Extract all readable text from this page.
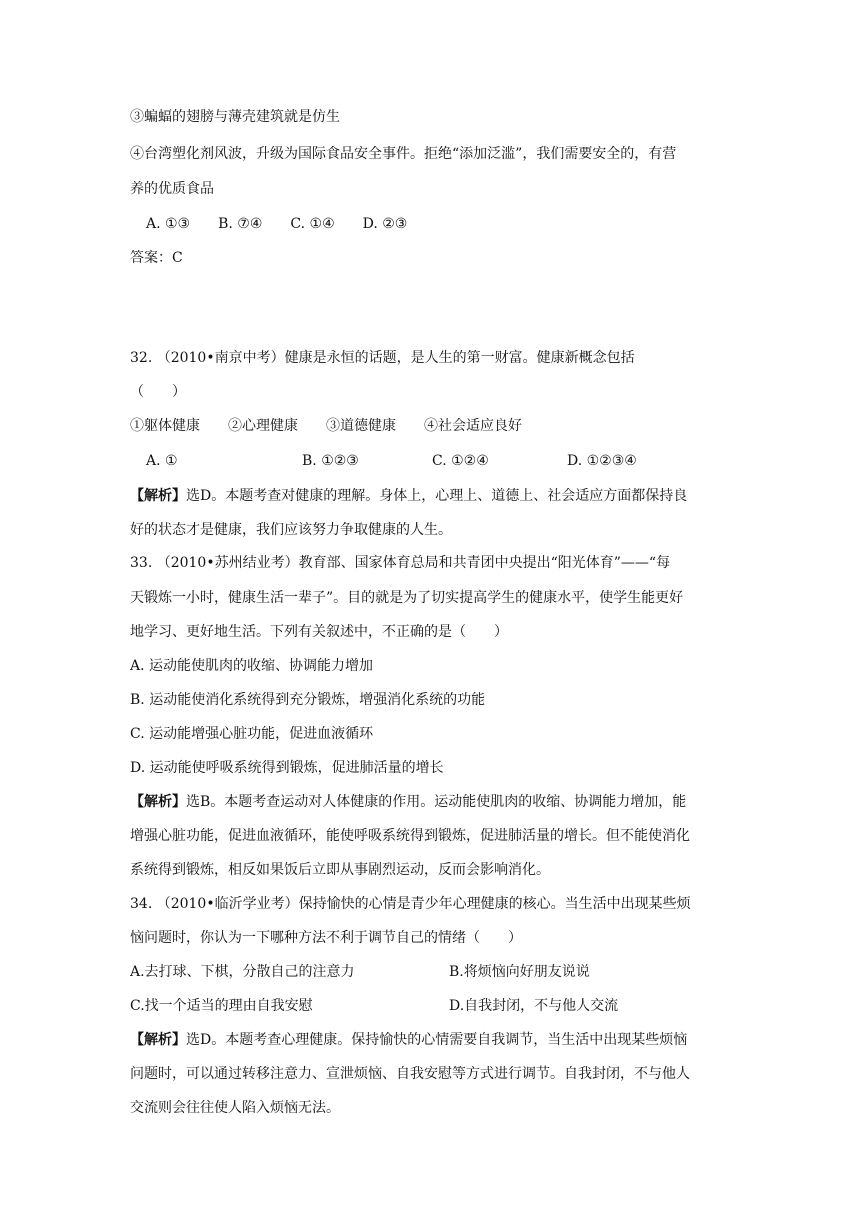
③蝙蝠的翅膀与薄壳建筑就是仿生
④台湾塑化剂风波，升级为国际食品安全事件。拒绝“添加泛滥”，我们需要安全的，有营
养的优质食品
A. ①③　　B. ⑦④　　C. ①④　　D. ②③
答案：C
32. （2010•南京中考）健康是永恒的话题，是人生的第一财富。健康新概念包括
（　　）
①躯体健康　　②心理健康　　③道德健康　　④社会适应良好
A. ①	B. ①②③	C. ①②④	D. ①②③④
【解析】选D。本题考查对健康的理解。身体上，心理上、道德上、社会适应方面都保持良
好的状态才是健康，我们应该努力争取健康的人生。
33. （2010•苏州结业考）教育部、国家体育总局和共青团中央提出“阳光体育”——“每
天锻炼一小时，健康生活一辈子”。目的就是为了切实提高学生的健康水平，使学生能更好
地学习、更好地生活。下列有关叙述中，不正确的是（　　）
A. 运动能使肌肉的收缩、协调能力增加
B. 运动能使消化系统得到充分锻炼，增强消化系统的功能
C. 运动能增强心脏功能，促进血液循环
D. 运动能使呼吸系统得到锻炼，促进肺活量的增长
【解析】选B。本题考查运动对人体健康的作用。运动能使肌肉的收缩、协调能力增加，能
增强心脏功能，促进血液循环，能使呼吸系统得到锻炼，促进肺活量的增长。但不能使消化
系统得到锻炼，相反如果饭后立即从事剧烈运动，反而会影响消化。
34. （2010•临沂学业考）保持愉快的心情是青少年心理健康的核心。当生活中出现某些烦
恼问题时，你认为一下哪种方法不利于调节自己的情绪（　　）
A.去打球、下棋，分散自己的注意力	B.将烦恼向好朋友说说
C.找一个适当的理由自我安慰	D.自我封闭，不与他人交流
【解析】选D。本题考查心理健康。保持愉快的心情需要自我调节，当生活中出现某些烦恼
问题时，可以通过转移注意力、宣泄烦恼、自我安慰等方式进行调节。自我封闭，不与他人
交流则会往往使人陷入烦恼无法。
